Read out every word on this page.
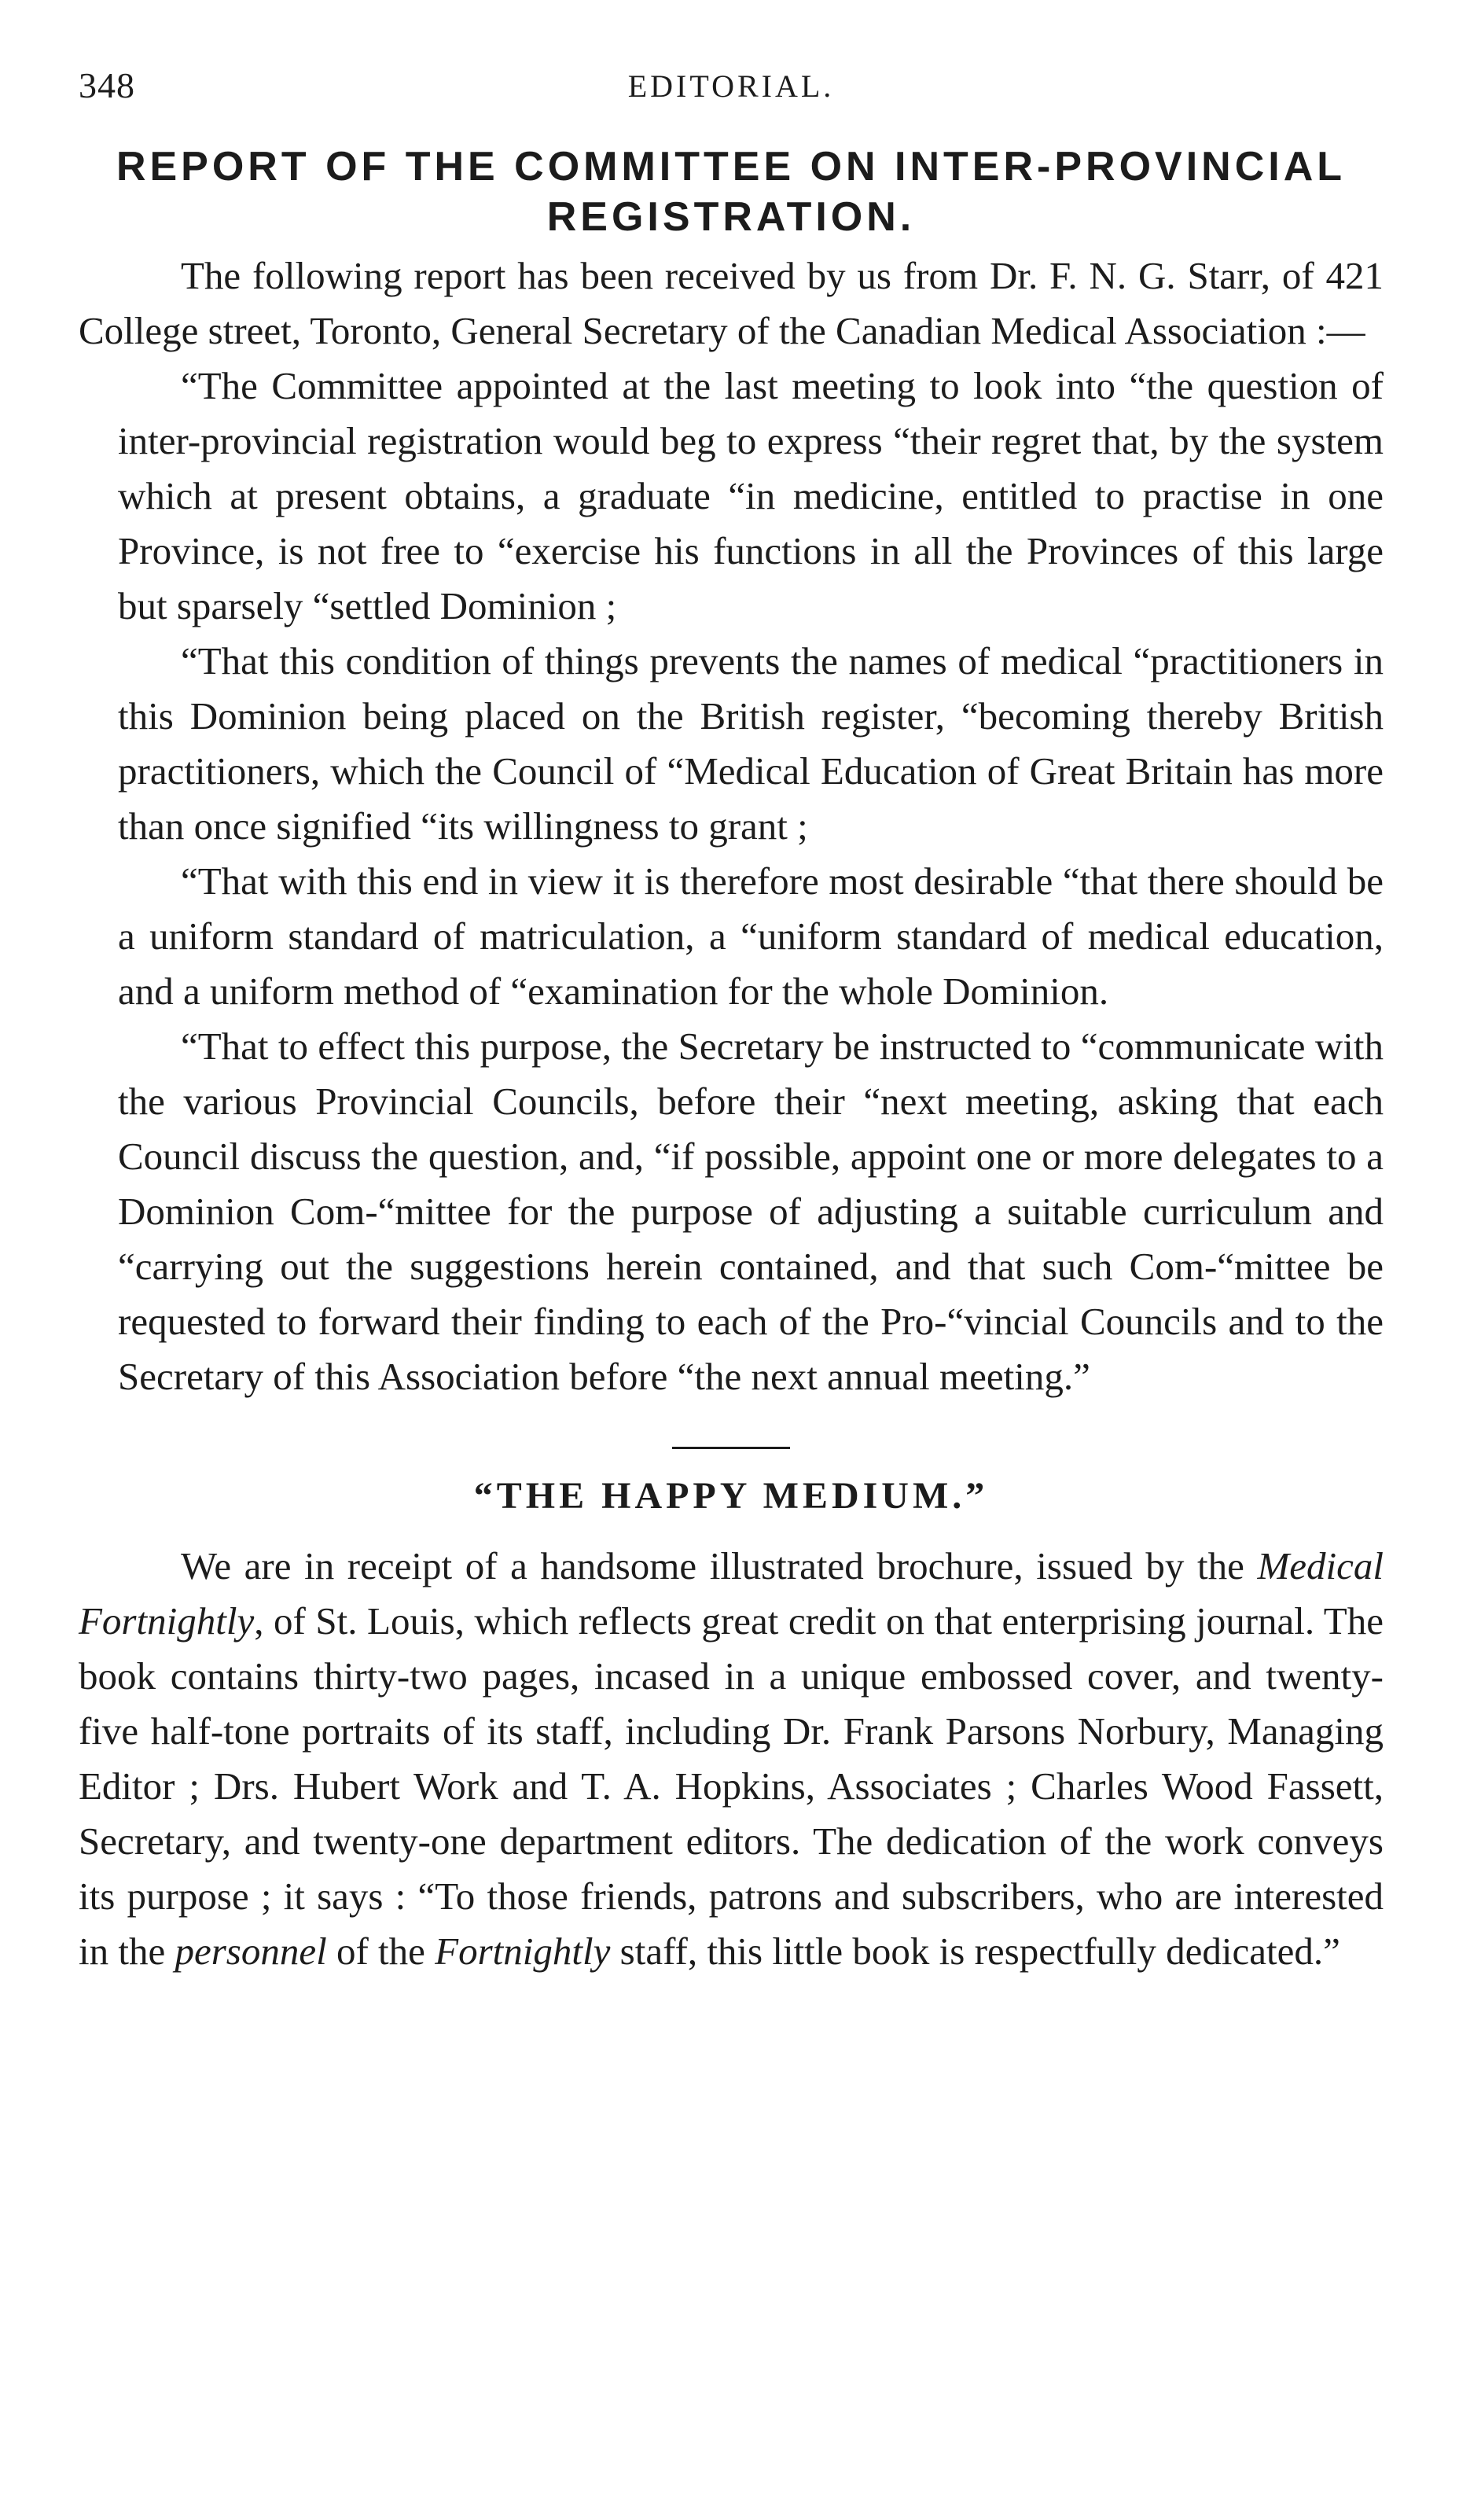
348	EDITORIAL.
REPORT OF THE COMMITTEE ON INTER-PROVINCIAL REGISTRATION.

The following report has been received by us from Dr. F. N. G. Starr, of 421 College street, Toronto, General Secretary of the Canadian Medical Association :—

“The Committee appointed at the last meeting to look into “the question of inter-provincial registration would beg to express “their regret that, by the system which at present obtains, a graduate “in medicine, entitled to practise in one Province, is not free to “exercise his functions in all the Provinces of this large but sparsely “settled Dominion ;

“That this condition of things prevents the names of medical “practitioners in this Dominion being placed on the British register, “becoming thereby British practitioners, which the Council of “Medical Education of Great Britain has more than once signified “its willingness to grant ;

“That with this end in view it is therefore most desirable “that there should be a uniform standard of matriculation, a “uniform standard of medical education, and a uniform method of “examination for the whole Dominion.

“That to effect this purpose, the Secretary be instructed to “communicate with the various Provincial Councils, before their “next meeting, asking that each Council discuss the question, and, “if possible, appoint one or more delegates to a Dominion Com-“mittee for the purpose of adjusting a suitable curriculum and “carrying out the suggestions herein contained, and that such Com-“mittee be requested to forward their finding to each of the Pro-“vincial Councils and to the Secretary of this Association before “the next annual meeting.”

“THE HAPPY MEDIUM.”

We are in receipt of a handsome illustrated brochure, issued by the Medical Fortnightly, of St. Louis, which reflects great credit on that enterprising journal. The book contains thirty-two pages, incased in a unique embossed cover, and twenty-five half-tone portraits of its staff, including Dr. Frank Parsons Norbury, Managing Editor ; Drs. Hubert Work and T. A. Hopkins, Associates ; Charles Wood Fassett, Secretary, and twenty-one department editors. The dedication of the work conveys its purpose ; it says : “To those friends, patrons and subscribers, who are interested in the personnel of the Fortnightly staff, this little book is respectfully dedicated.”
